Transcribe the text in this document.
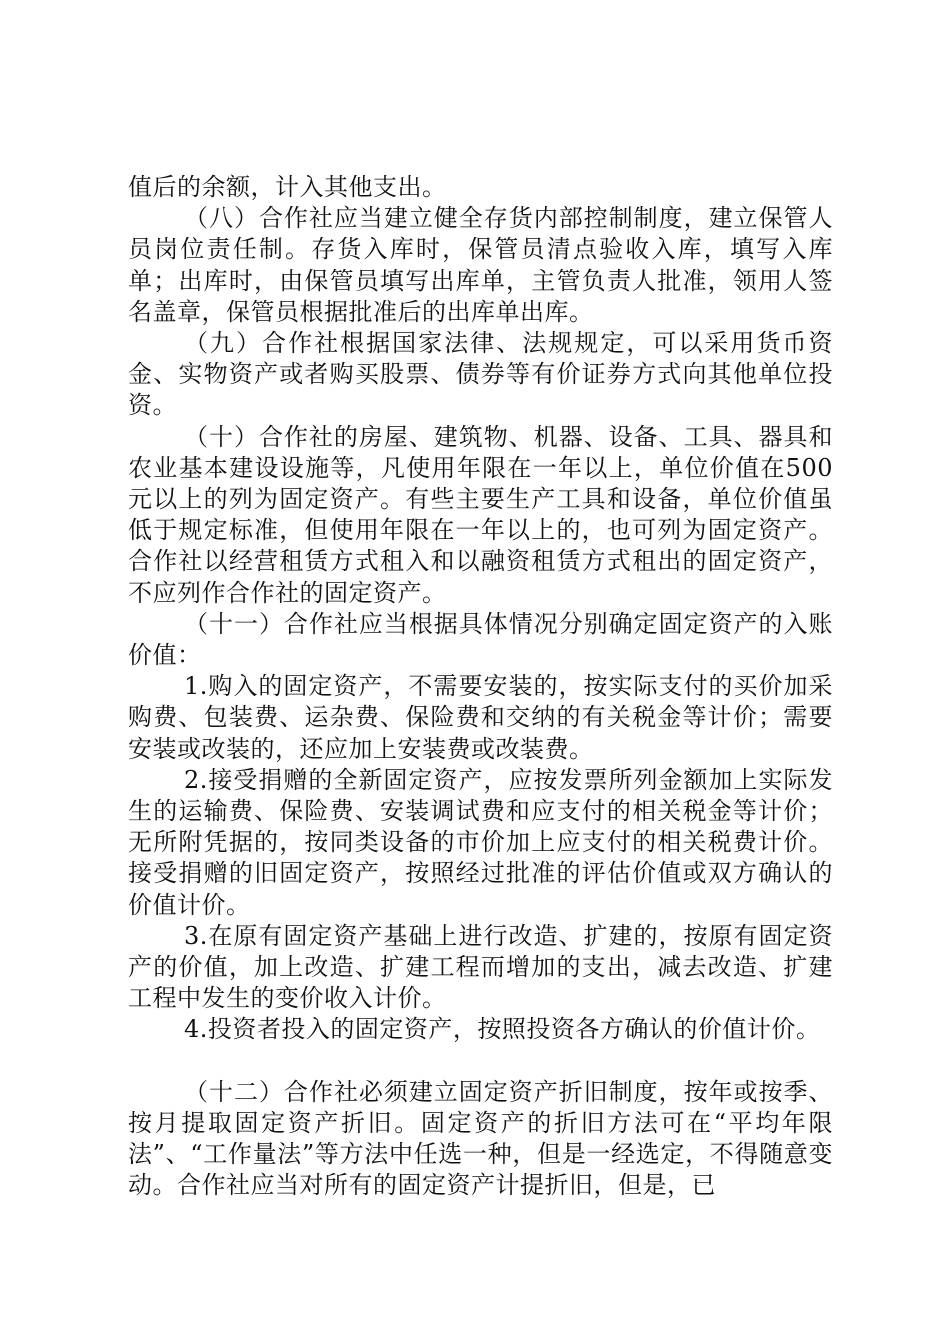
值后的余额，计入其他支出。

（八）合作社应当建立健全存货内部控制制度，建立保管人员岗位责任制。存货入库时，保管员清点验收入库，填写入库单；出库时，由保管员填写出库单，主管负责人批准，领用人签名盖章，保管员根据批准后的出库单出库。

（九）合作社根据国家法律、法规规定，可以采用货币资金、实物资产或者购买股票、债券等有价证券方式向其他单位投资。

（十）合作社的房屋、建筑物、机器、设备、工具、器具和农业基本建设设施等，凡使用年限在一年以上，单位价值在500元以上的列为固定资产。有些主要生产工具和设备，单位价值虽低于规定标准，但使用年限在一年以上的，也可列为固定资产。合作社以经营租赁方式租入和以融资租赁方式租出的固定资产，不应列作合作社的固定资产。

（十一）合作社应当根据具体情况分别确定固定资产的入账价值：

1.购入的固定资产，不需要安装的，按实际支付的买价加采购费、包装费、运杂费、保险费和交纳的有关税金等计价；需要安装或改装的，还应加上安装费或改装费。

2.接受捐赠的全新固定资产，应按发票所列金额加上实际发生的运输费、保险费、安装调试费和应支付的相关税金等计价；无所附凭据的，按同类设备的市价加上应支付的相关税费计价。接受捐赠的旧固定资产，按照经过批准的评估价值或双方确认的价值计价。

3.在原有固定资产基础上进行改造、扩建的，按原有固定资产的价值，加上改造、扩建工程而增加的支出，减去改造、扩建工程中发生的变价收入计价。

4.投资者投入的固定资产，按照投资各方确认的价值计价。

（十二）合作社必须建立固定资产折旧制度，按年或按季、按月提取固定资产折旧。固定资产的折旧方法可在“平均年限法”、“工作量法”等方法中任选一种，但是一经选定，不得随意变动。合作社应当对所有的固定资产计提折旧，但是，已
